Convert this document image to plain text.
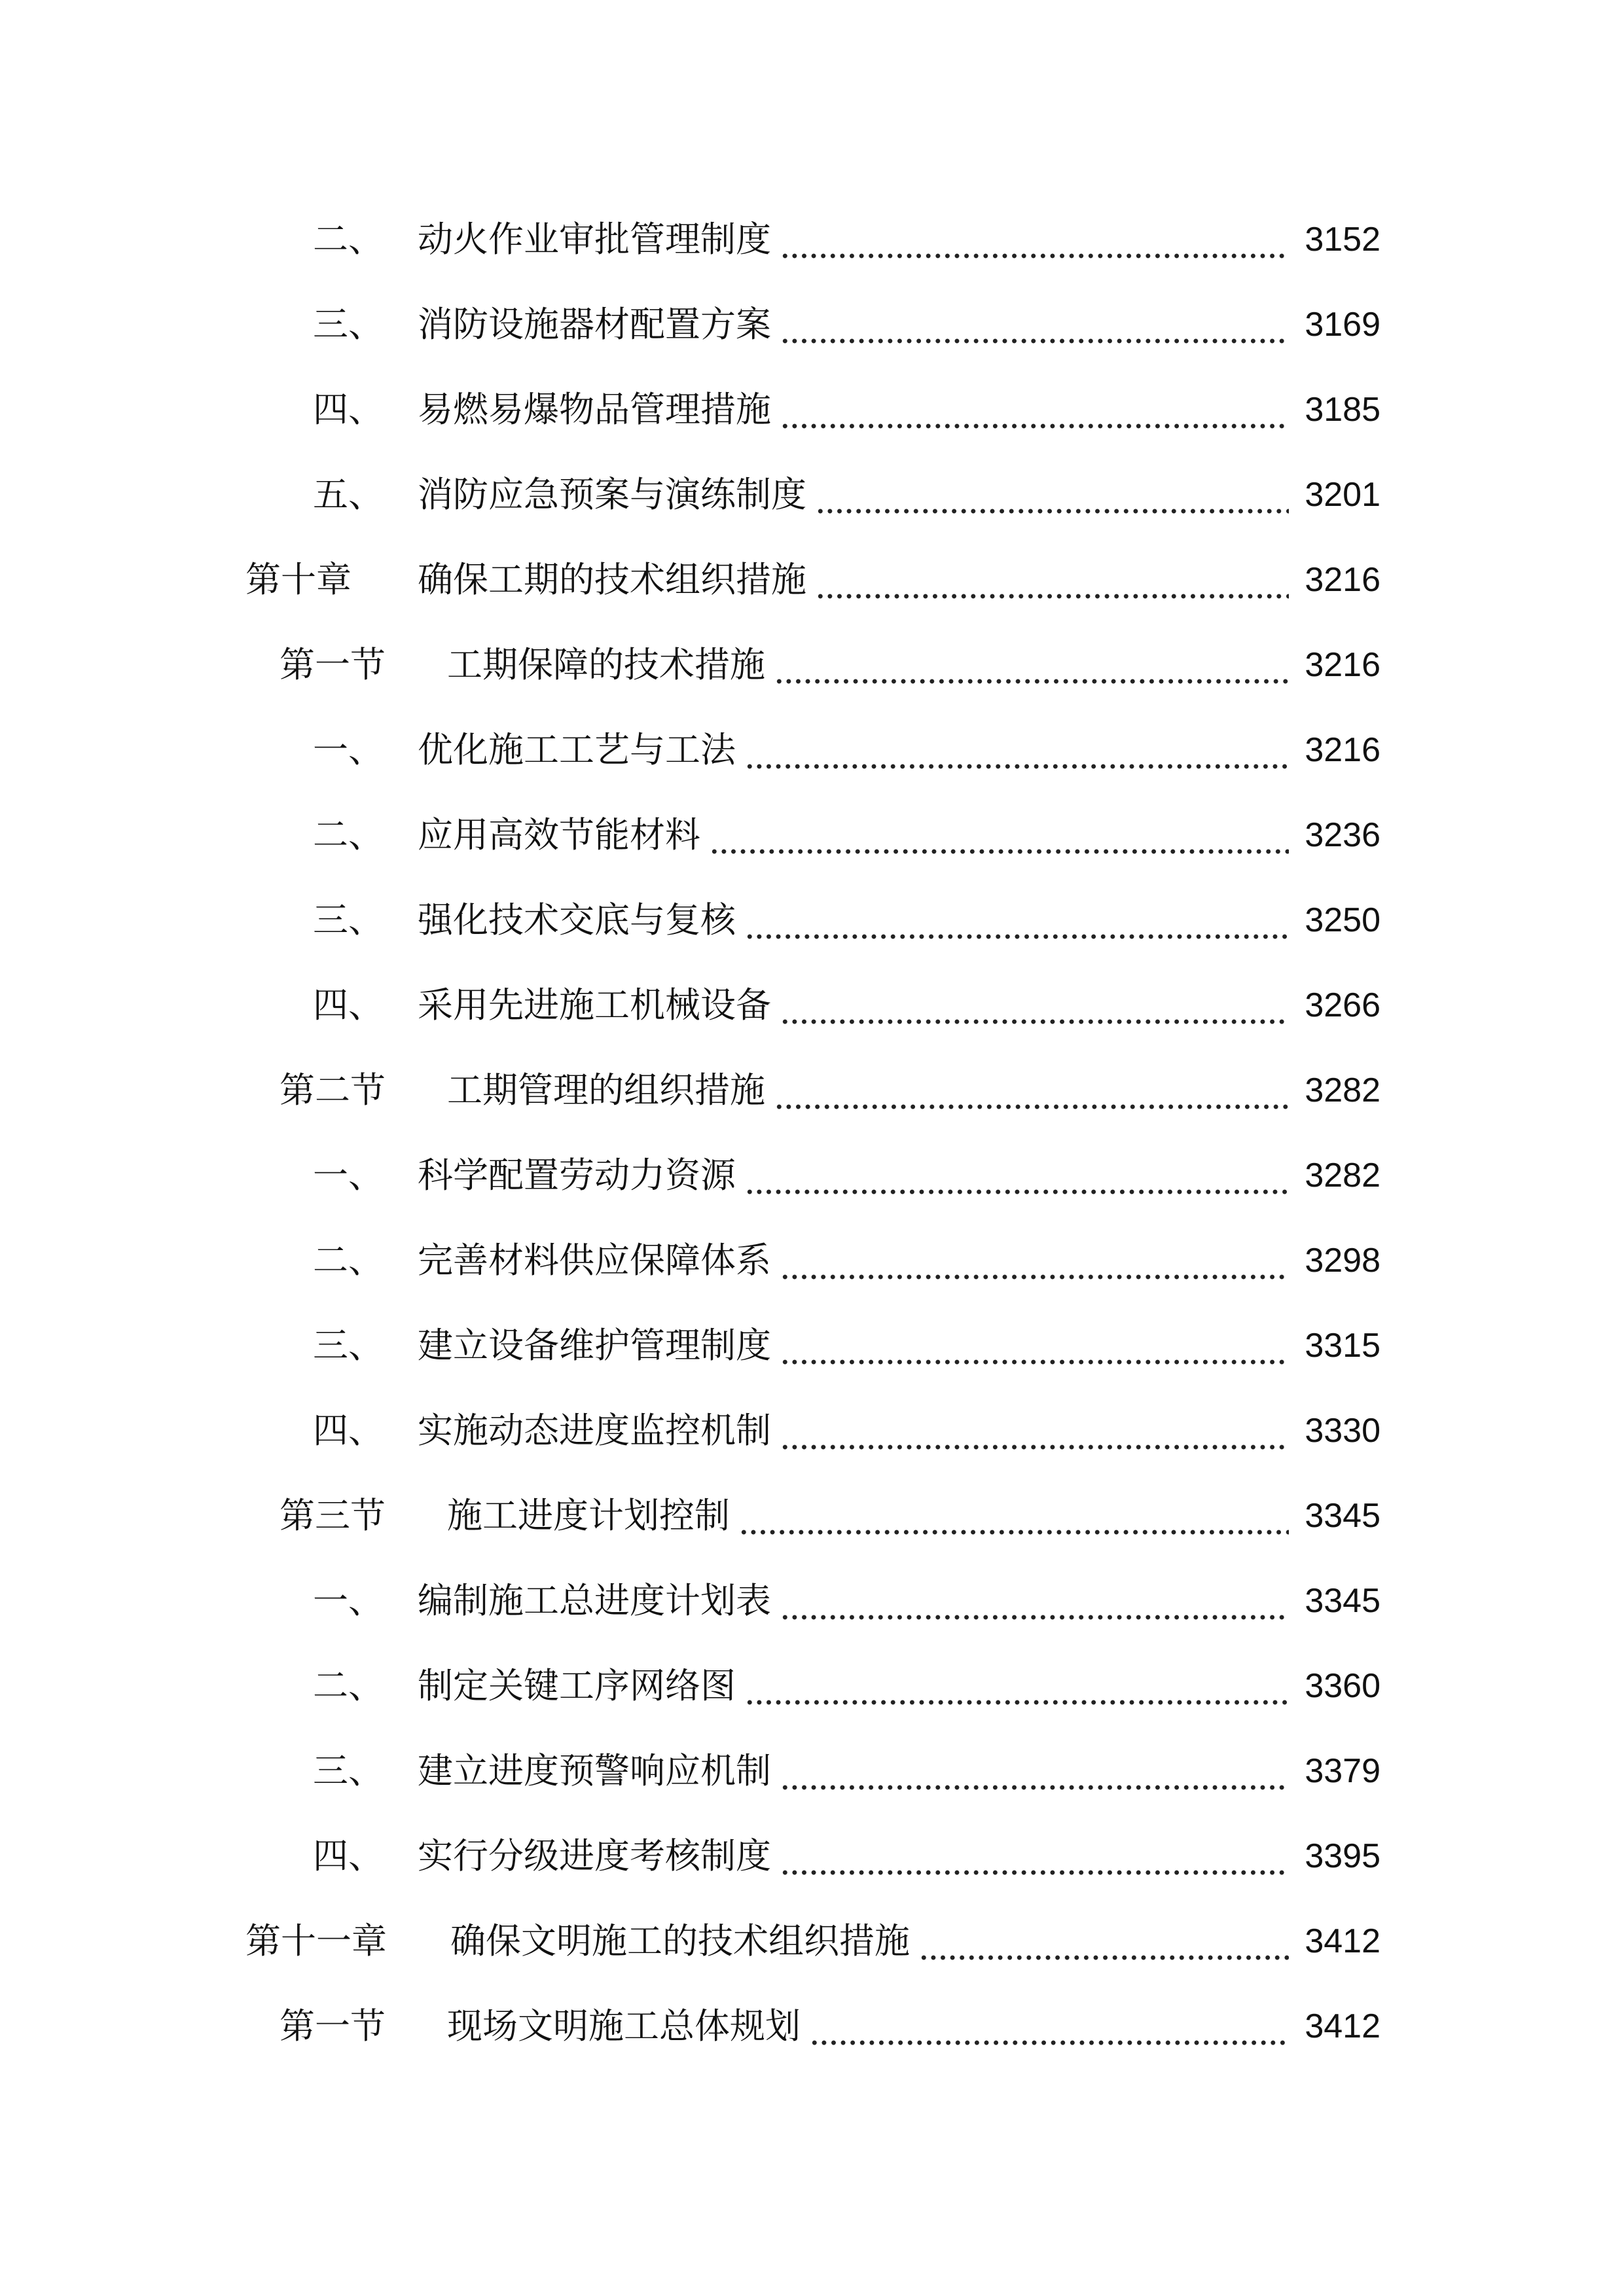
二、 动火作业审批管理制度	3152
三、 消防设施器材配置方案	3169
四、 易燃易爆物品管理措施	3185
五、 消防应急预案与演练制度	3201
第十章	确保工期的技术组织措施	3216
第一节	工期保障的技术措施	3216
一、 优化施工工艺与工法	3216
二、 应用高效节能材料	3236
三、 强化技术交底与复核	3250
四、 采用先进施工机械设备	3266
第二节	工期管理的组织措施	3282
一、 科学配置劳动力资源	3282
二、 完善材料供应保障体系	3298
三、 建立设备维护管理制度	3315
四、 实施动态进度监控机制	3330
第三节	施工进度计划控制	3345
一、 编制施工总进度计划表	3345
二、 制定关键工序网络图	3360
三、 建立进度预警响应机制	3379
四、 实行分级进度考核制度	3395
第十一章	确保文明施工的技术组织措施	3412
第一节	现场文明施工总体规划	3412
